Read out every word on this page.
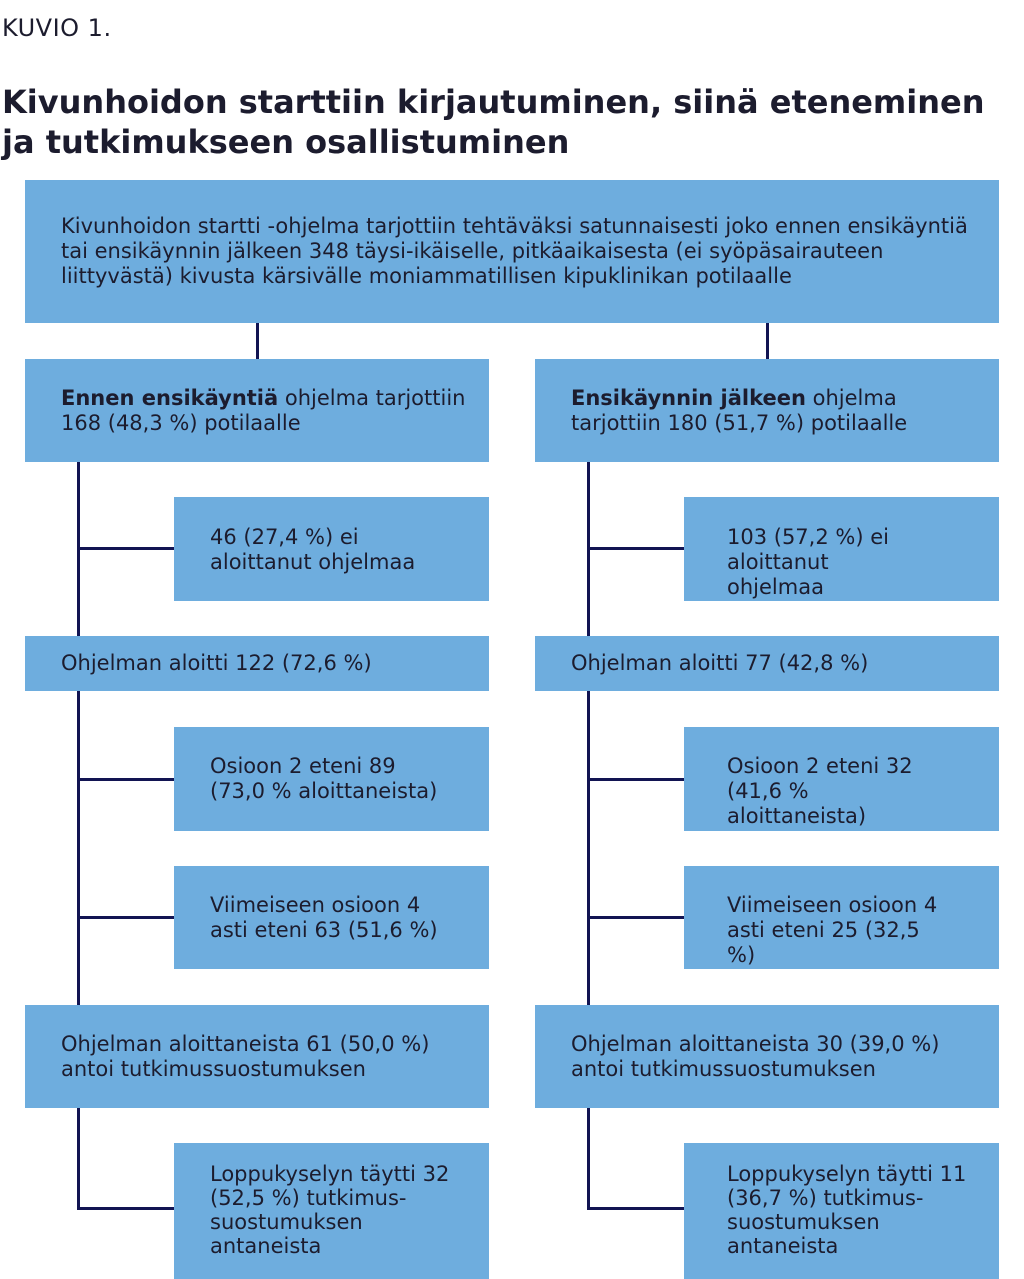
KUVIO 1.
Kivunhoidon starttiin kirjautuminen, siinä eteneminen ja tutkimukseen osallistuminen
Kivunhoidon startti -ohjelma tarjottiin tehtäväksi satunnaisesti joko ennen ensikäyntiä tai ensikäynnin jälkeen 348 täysi-ikäiselle, pitkäaikaisesta (ei syöpäsairauteen liittyvästä) kivusta kärsivälle moniammatillisen kipuklinikan potilaalle
Ennen ensikäyntiä ohjelma tarjottiin 168 (48,3 %) potilaalle
46 (27,4 %) ei aloittanut ohjelmaa
Ohjelman aloitti 122 (72,6 %)
Osioon 2 eteni 89 (73,0 % aloittaneista)
Viimeiseen osioon 4 asti eteni 63 (51,6 %)
Ohjelman aloittaneista 61 (50,0 %) antoi tutkimussuostumuksen
Loppukyselyn täytti 32 (52,5 %) tutkimus-suostumuksen antaneista
Ensikäynnin jälkeen ohjelma tarjottiin 180 (51,7 %) potilaalle
103 (57,2 %) ei aloittanut ohjelmaa
Ohjelman aloitti 77 (42,8 %)
Osioon 2 eteni 32 (41,6 % aloittaneista)
Viimeiseen osioon 4 asti eteni 25 (32,5 %)
Ohjelman aloittaneista 30 (39,0 %) antoi tutkimussuostumuksen
Loppukyselyn täytti 11 (36,7 %) tutkimus-suostumuksen antaneista
